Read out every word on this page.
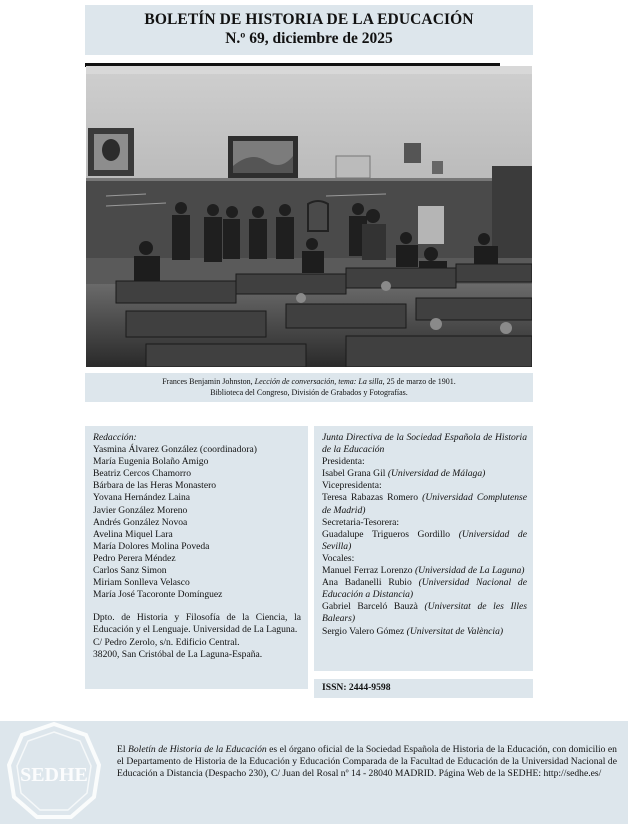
BOLETÍN DE HISTORIA DE LA EDUCACIÓN
N.º 69, diciembre de 2025
Frances Benjamin Johnston, Lección de conversación, tema: La silla, 25 de marzo de 1901.
Biblioteca del Congreso, División de Grabados y Fotografías.
Redacción:
Yasmina Álvarez González (coordinadora)
María Eugenia Bolaño Amigo
Beatriz Cercos Chamorro
Bárbara de las Heras Monastero
Yovana Hernández Laina
Javier González Moreno
Andrés González Novoa
Avelina Miquel Lara
María Dolores Molina Poveda
Pedro Perera Méndez
Carlos Sanz Simon
Miriam Sonlleva Velasco
María José Tacoronte Domínguez
Dpto. de Historia y Filosofía de la Ciencia, la Educación y el Lenguaje. Universidad de La Laguna.
C/ Pedro Zerolo, s/n. Edificio Central.
38200, San Cristóbal de La Laguna-España.
Junta Directiva de la Sociedad Española de Historia de la Educación
Presidenta:
Isabel Grana Gil (Universidad de Málaga)
Vicepresidenta:
Teresa Rabazas Romero (Universidad Complutense de Madrid)
Secretaria-Tesorera:
Guadalupe Trigueros Gordillo (Universidad de Sevilla)
Vocales:
Manuel Ferraz Lorenzo (Universidad de La Laguna)
Ana Badanelli Rubio (Universidad Nacional de Educación a Distancia)
Gabriel Barceló Bauzà (Universitat de les Illes Balears)
Sergio Valero Gómez (Universitat de València)
ISSN: 2444-9598
SEDHE
El Boletín de Historia de la Educación es el órgano oficial de la Sociedad Española de Historia de la Educación, con domicilio en el Departamento de Historia de la Educación y Educación Comparada de la Facultad de Educación de la Universidad Nacional de Educación a Distancia (Despacho 230), C/ Juan del Rosal nº 14 - 28040 MADRID. Página Web de la SEDHE: http://sedhe.es/
